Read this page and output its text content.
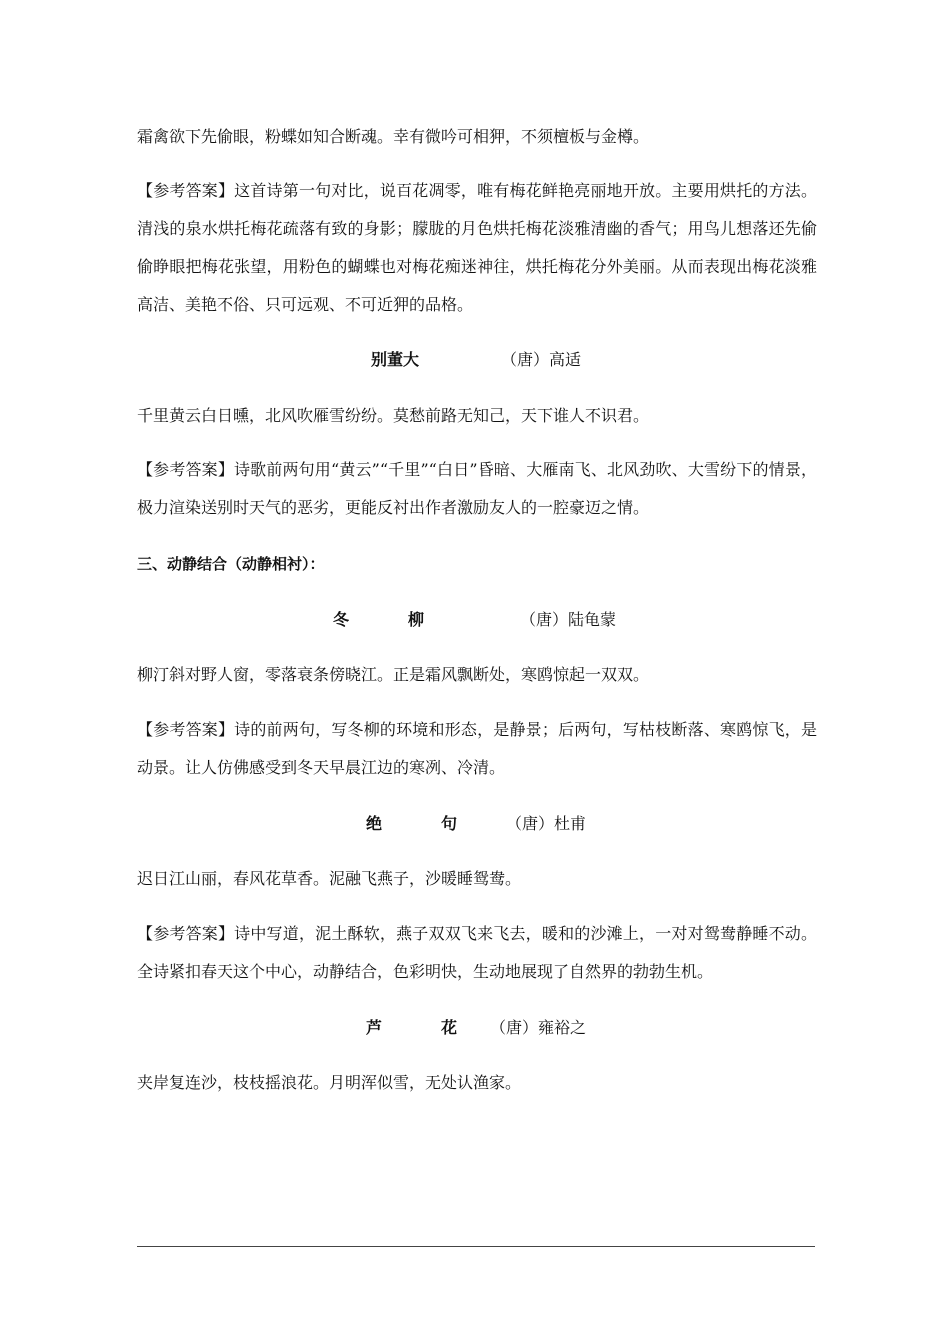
霜禽欲下先偷眼，粉蝶如知合断魂。幸有微吟可相狎，不须檀板与金樽。

【参考答案】这首诗第一句对比，说百花凋零，唯有梅花鲜艳亮丽地开放。主要用烘托的方法。清浅的泉水烘托梅花疏落有致的身影；朦胧的月色烘托梅花淡雅清幽的香气；用鸟儿想落还先偷偷睁眼把梅花张望，用粉色的蝴蝶也对梅花痴迷神往，烘托梅花分外美丽。从而表现出梅花淡雅高洁、美艳不俗、只可远观、不可近狎的品格。

别董大	（唐）高适

千里黄云白日曛，北风吹雁雪纷纷。莫愁前路无知己，天下谁人不识君。

【参考答案】诗歌前两句用“黄云”“千里”“白日”昏暗、大雁南飞、北风劲吹、大雪纷下的情景，极力渲染送别时天气的恶劣，更能反衬出作者激励友人的一腔豪迈之情。

三、动静结合（动静相衬）：
冬	柳	（唐）陆龟蒙

柳汀斜对野人窗，零落衰条傍晓江。正是霜风飘断处，寒鸥惊起一双双。

【参考答案】诗的前两句，写冬柳的环境和形态，是静景；后两句，写枯枝断落、寒鸥惊飞，是动景。让人仿佛感受到冬天早晨江边的寒冽、冷清。

绝	句	（唐）杜甫

迟日江山丽，春风花草香。泥融飞燕子，沙暖睡鸳鸯。

【参考答案】诗中写道，泥土酥软，燕子双双飞来飞去，暖和的沙滩上，一对对鸳鸯静睡不动。全诗紧扣春天这个中心，动静结合，色彩明快，生动地展现了自然界的勃勃生机。

芦	花 （唐）雍裕之

夹岸复连沙，枝枝摇浪花。月明浑似雪，无处认渔家。
